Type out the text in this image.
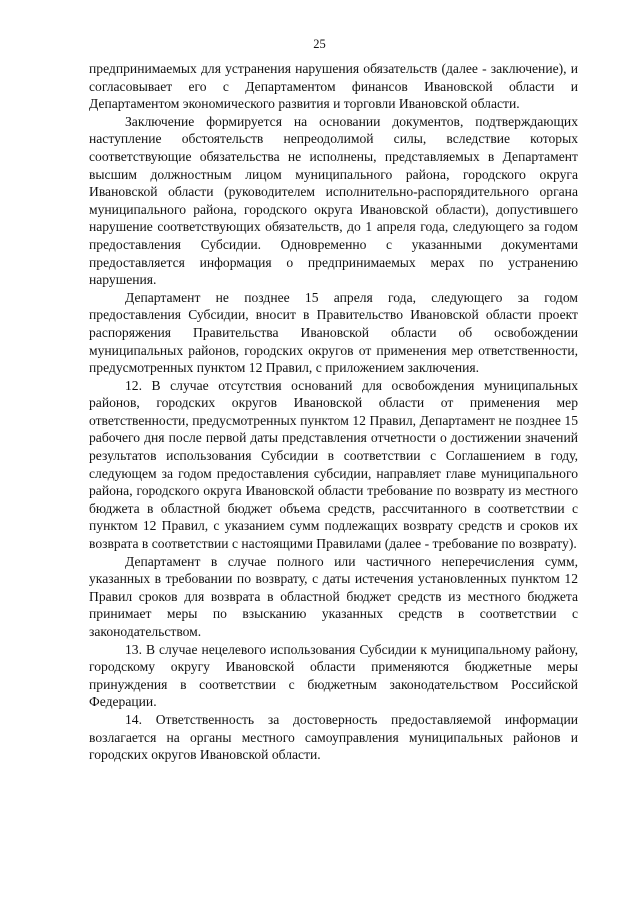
25

предпринимаемых для устранения нарушения обязательств (далее - заключение), и согласовывает его с Департаментом финансов Ивановской области и Департаментом экономического развития и торговли Ивановской области.

Заключение формируется на основании документов, подтверждающих наступление обстоятельств непреодолимой силы, вследствие которых соответствующие обязательства не исполнены, представляемых в Департамент высшим должностным лицом муниципального района, городского округа Ивановской области (руководителем исполнительно-распорядительного органа муниципального района, городского округа Ивановской области), допустившего нарушение соответствующих обязательств, до 1 апреля года, следующего за годом предоставления Субсидии. Одновременно с указанными документами предоставляется информация о предпринимаемых мерах по устранению нарушения.

Департамент не позднее 15 апреля года, следующего за годом предоставления Субсидии, вносит в Правительство Ивановской области проект распоряжения Правительства Ивановской области об освобождении муниципальных районов, городских округов от применения мер ответственности, предусмотренных пунктом 12 Правил, с приложением заключения.

12. В случае отсутствия оснований для освобождения муниципальных районов, городских округов Ивановской области от применения мер ответственности, предусмотренных пунктом 12 Правил, Департамент не позднее 15 рабочего дня после первой даты представления отчетности о достижении значений результатов использования Субсидии в соответствии с Соглашением в году, следующем за годом предоставления субсидии, направляет главе муниципального района, городского округа Ивановской области требование по возврату из местного бюджета в областной бюджет объема средств, рассчитанного в соответствии с пунктом 12 Правил, с указанием сумм подлежащих возврату средств и сроков их возврата в соответствии с настоящими Правилами (далее - требование по возврату).

Департамент в случае полного или частичного неперечисления сумм, указанных в требовании по возврату, с даты истечения установленных пунктом 12 Правил сроков для возврата в областной бюджет средств из местного бюджета принимает меры по взысканию указанных средств в соответствии с законодательством.

13. В случае нецелевого использования Субсидии к муниципальному району, городскому округу Ивановской области применяются бюджетные меры принуждения в соответствии с бюджетным законодательством Российской Федерации.

14. Ответственность за достоверность предоставляемой информации возлагается на органы местного самоуправления муниципальных районов и городских округов Ивановской области.
